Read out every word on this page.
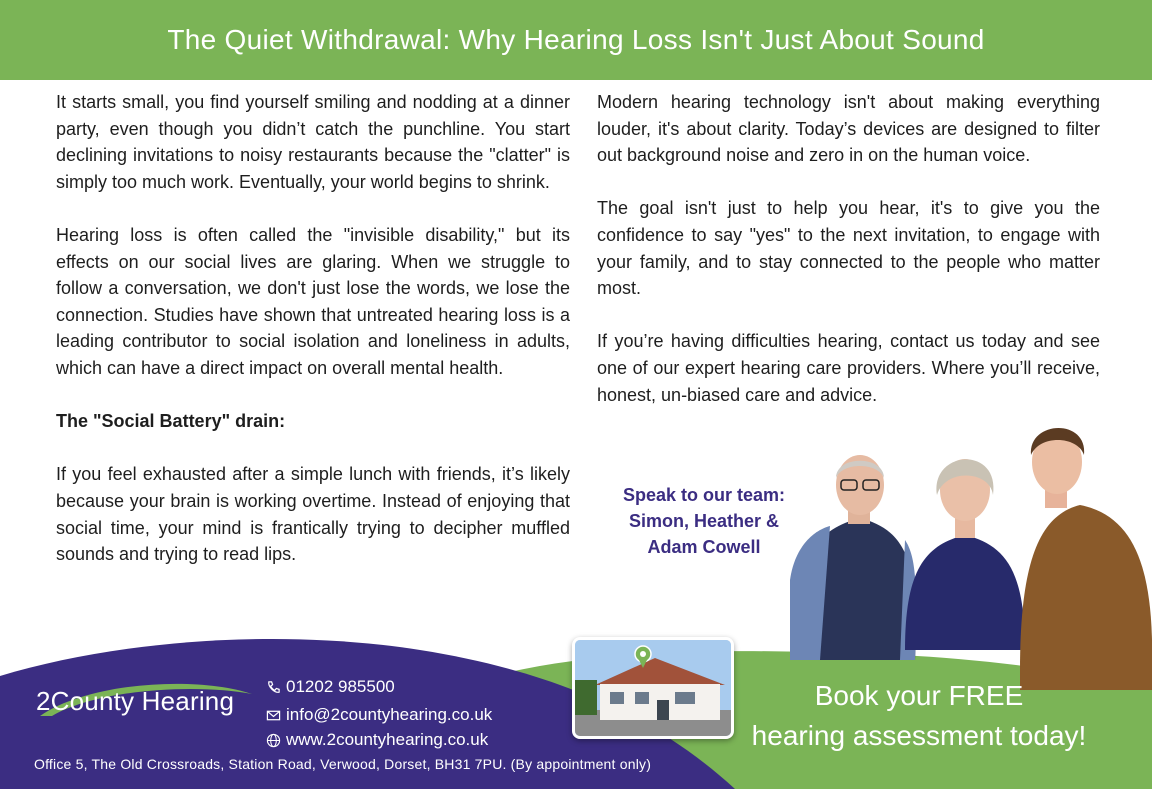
The Quiet Withdrawal: Why Hearing Loss Isn't Just About Sound

It starts small, you find yourself smiling and nodding at a dinner party, even though you didn’t catch the punchline. You start declining invitations to noisy restaurants because the "clatter" is simply too much work. Eventually, your world begins to shrink.

Hearing loss is often called the "invisible disability," but its effects on our social lives are glaring. When we struggle to follow a conversation, we don't just lose the words, we lose the connection. Studies have shown that untreated hearing loss is a leading contributor to social isolation and loneliness in adults, which can have a direct impact on overall mental health.

The "Social Battery" drain:

If you feel exhausted after a simple lunch with friends, it’s likely because your brain is working overtime. Instead of enjoying that social time, your mind is frantically trying to decipher muffled sounds and trying to read lips.

Modern hearing technology isn't about making everything louder, it's about clarity. Today’s devices are designed to filter out background noise and zero in on the human voice.

The goal isn't just to help you hear, it's to give you the confidence to say "yes" to the next invitation, to engage with your family, and to stay connected to the people who matter most.

If you’re having difficulties hearing, contact us today and see one of our expert hearing care providers. Where you’ll receive, honest, un-biased care and advice.

Speak to our team:
Simon, Heather &
Adam Cowell
2County Hearing	01202 985500
info@2countyhearing.co.uk
www.2countyhearing.co.uk
Office 5, The Old Crossroads, Station Road, Verwood, Dorset, BH31 7PU. (By appointment only)
Book your FREE
hearing assessment today!
